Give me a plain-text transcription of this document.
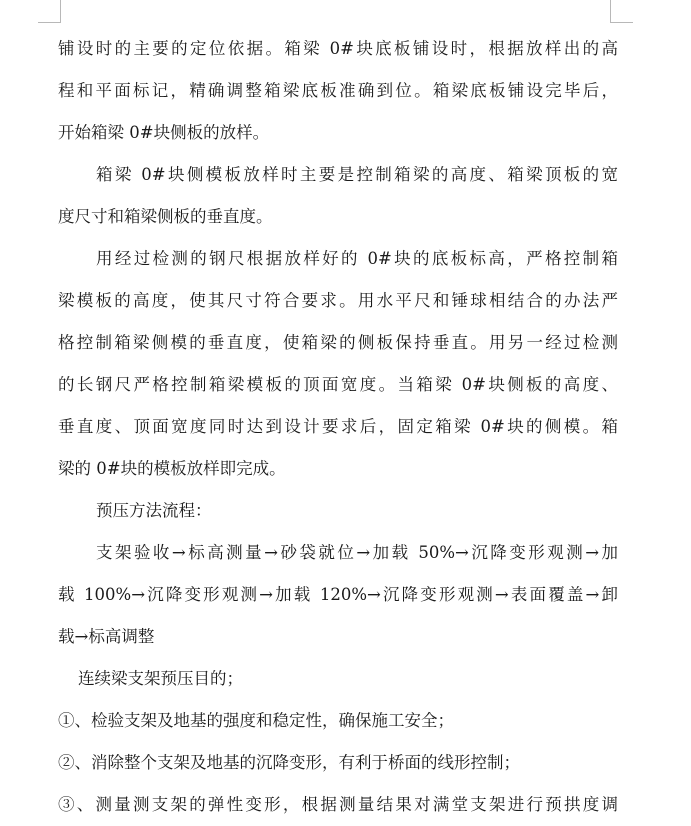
铺设时的主要的定位依据。箱梁 0#块底板铺设时，根据放样出的高
程和平面标记，精确调整箱梁底板准确到位。箱梁底板铺设完毕后，
开始箱梁 0#块侧板的放样。
箱梁 0#块侧模板放样时主要是控制箱梁的高度、箱梁顶板的宽
度尺寸和箱梁侧板的垂直度。
用经过检测的钢尺根据放样好的 0#块的底板标高，严格控制箱
梁模板的高度，使其尺寸符合要求。用水平尺和锤球相结合的办法严
格控制箱梁侧模的垂直度，使箱梁的侧板保持垂直。用另一经过检测
的长钢尺严格控制箱梁模板的顶面宽度。当箱梁 0#块侧板的高度、
垂直度、顶面宽度同时达到设计要求后，固定箱梁 0#块的侧模。箱
梁的 0#块的模板放样即完成。
预压方法流程：
支架验收→标高测量→砂袋就位→加载 50%→沉降变形观测→加
载 100%→沉降变形观测→加载 120%→沉降变形观测→表面覆盖→卸
载→标高调整
连续梁支架预压目的；
①、检验支架及地基的强度和稳定性，确保施工安全；
②、消除整个支架及地基的沉降变形，有利于桥面的线形控制；
③、测量测支架的弹性变形，根据测量结果对满堂支架进行预拱度调
